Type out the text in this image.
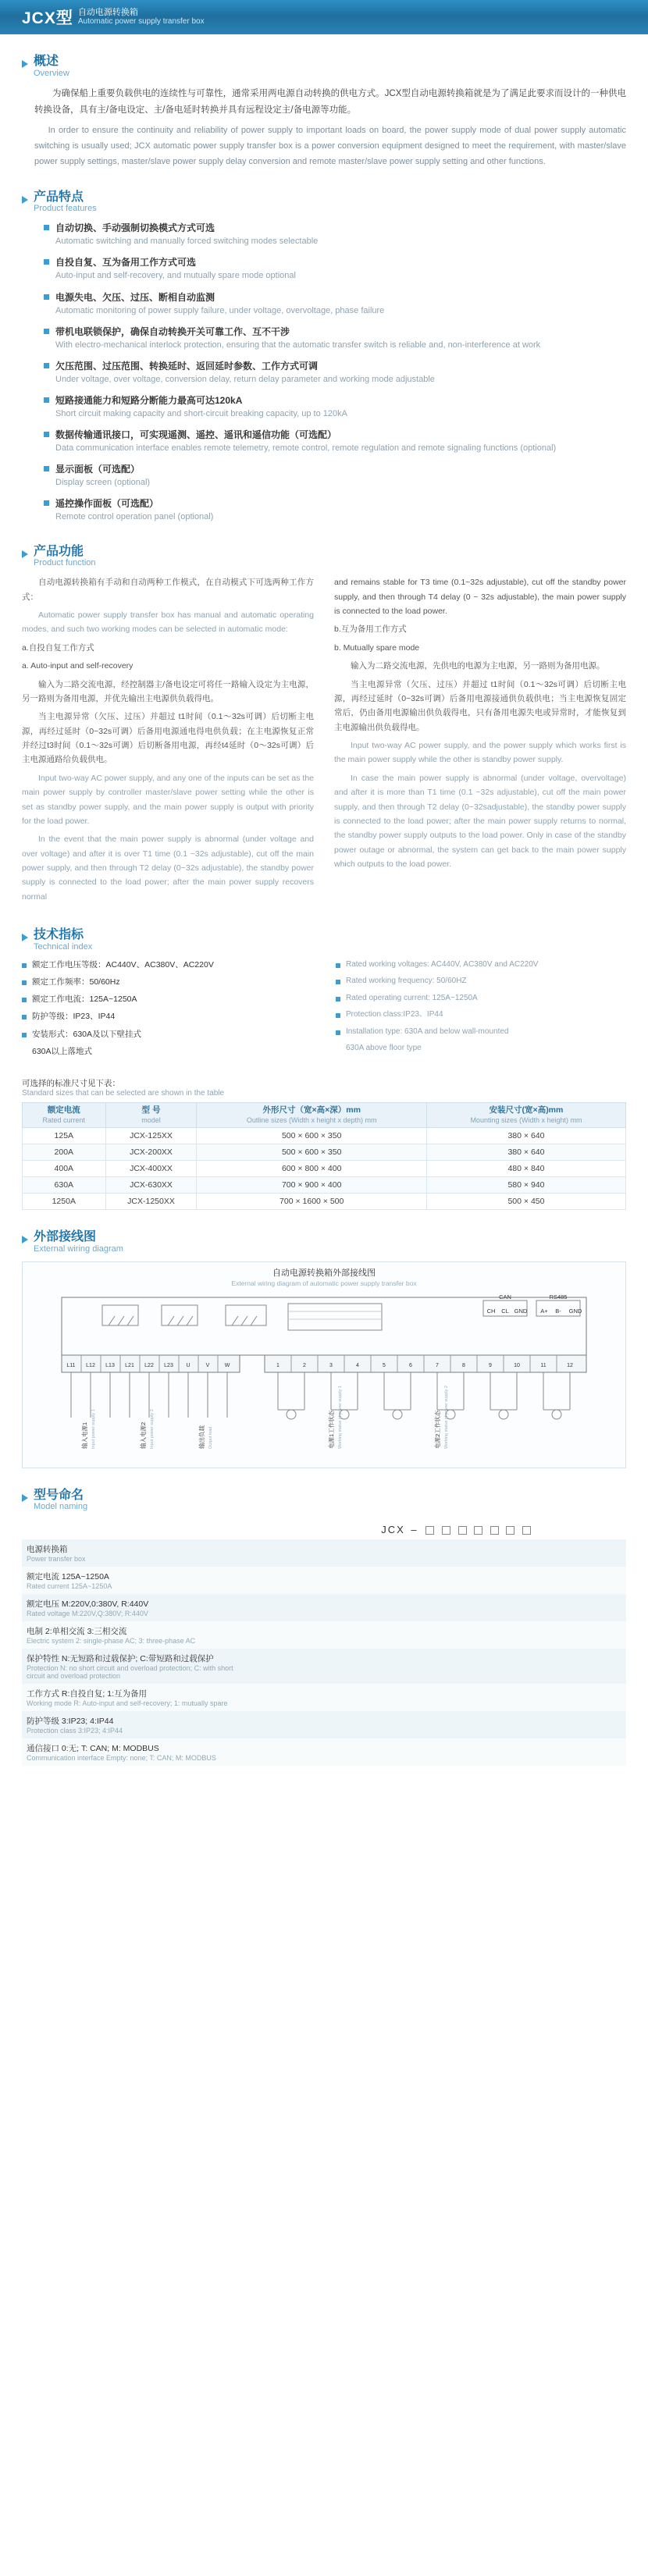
JCX型 自动电源转换箱
Automatic power supply transfer box
概述
Overview

为确保船上重要负载供电的连续性与可靠性，通常采用两电源自动转换的供电方式。JCX型自动电源转换箱就是为了满足此要求而设计的一种供电转换设备，具有主/备电设定、主/备电延时转换并具有远程设定主/备电源等功能。

In order to ensure the continuity and reliability of power supply to important loads on board, the power supply mode of dual power supply automatic switching is usually used; JCX automatic power supply transfer box is a power conversion equipment designed to meet the requirement, with master/slave power supply settings, master/slave power supply delay conversion and remote master/slave power supply setting and other functions.

产品特点
Product features
自动切换、手动强制切换模式方式可选
Automatic switching and manually forced switching modes selectable
自投自复、互为备用工作方式可选
Auto-input and self-recovery, and mutually spare mode optional
电源失电、欠压、过压、断相自动监测
Automatic monitoring of power supply failure, under voltage, overvoltage, phase failure
带机电联锁保护，确保自动转换开关可靠工作、互不干涉
With electro-mechanical interlock protection, ensuring that the automatic transfer switch is reliable and, non-interference at work
欠压范围、过压范围、转换延时、返回延时参数、工作方式可调
Under voltage, over voltage, conversion delay, return delay parameter and working mode adjustable
短路接通能力和短路分断能力最高可达120kA
Short circuit making capacity and short-circuit breaking capacity, up to 120kA
数据传输通讯接口，可实现遥测、遥控、遥讯和遥信功能（可选配）
Data communication interface enables remote telemetry, remote control, remote regulation and remote signaling functions (optional)
显示面板（可选配）
Display screen (optional)
遥控操作面板（可选配）
Remote control operation panel (optional)
产品功能
Product function

自动电源转换箱有手动和自动两种工作模式，在自动模式下可选两种工作方式：

Automatic power supply transfer box has manual and automatic operating modes, and such two working modes can be selected in automatic mode:

a.自投自复工作方式

a. Auto-input and self-recovery

输入为二路交流电源，经控制器主/备电设定可将任一路输入设定为主电源，另一路则为备用电源，并优先输出主电源供负载得电。

当主电源异常（欠压、过压）并超过 t1时间（0.1～32s可调）后切断主电源，再经过延时（0~32s可调）后备用电源通电得电供负载；在主电源恢复正常并经过t3时间（0.1～32s可调）后切断备用电源，再经t4延时（0～32s可调）后主电源通路给负载供电。

Input two-way AC power supply, and any one of the inputs can be set as the main power supply by controller master/slave power setting while the other is set as standby power supply, and the main power supply is output with priority for the load power.

In the event that the main power supply is abnormal (under voltage and over voltage) and after it is over T1 time (0.1 ~32s adjustable), cut off the main power supply, and then through T2 delay (0~32s adjustable), the standby power supply is connected to the load power; after the main power supply recovers normal

and remains stable for T3 time (0.1~32s adjustable), cut off the standby power supply, and then through T4 delay (0 ~ 32s adjustable), the main power supply is connected to the load power.

b.互为备用工作方式

b. Mutually spare mode

输入为二路交流电源，先供电的电源为主电源，另一路则为备用电源。

当主电源异常（欠压、过压）并超过 t1时间（0.1～32s可调）后切断主电源，再经过延时（0~32s可调）后备用电源接通供负载供电；当主电源恢复固定常后，仍由备用电源输出供负载得电，只有备用电源失电或异常时，才能恢复到主电源输出供负载得电。

Input two-way AC power supply, and the power supply which works first is the main power supply while the other is standby power supply.

In case the main power supply is abnormal (under voltage, overvoltage) and after it is more than T1 time (0.1 ~32s adjustable), cut off the main power supply, and then through T2 delay (0~32sadjustable), the standby power supply is connected to the load power; after the main power supply returns to normal, the standby power supply outputs to the load power. Only in case of the standby power outage or abnormal, the system can get back to the main power supply which outputs to the load power.

技术指标
Technical index
额定工作电压等级：AC440V、AC380V、AC220V
额定工作频率：50/60Hz
额定工作电流：125A~1250A
防护等级：IP23、IP44
安装形式：630A及以下壁挂式
630A以上落地式
Rated working voltages: AC440V, AC380V and AC220V
Rated working frequency: 50/60HZ
Rated operating current: 125A~1250A
Protection class:IP23、IP44
Installation type: 630A and below wall-mounted
630A above floor type
可选择的标准尺寸见下表：
Standard sizes that can be selected are shown in the table
额定电流
Rated current	型 号
model	外形尺寸（宽×高×深）mm
Outline sizes (Width x height x depth) mm	安装尺寸(宽×高)mm
Mounting sizes (Width x height) mm

125A	JCX-125XX	500 × 600 × 350	380 × 640
200A	JCX-200XX	500 × 600 × 350	380 × 640
400A	JCX-400XX	600 × 800 × 400	480 × 840
630A	JCX-630XX	700 × 900 × 400	580 × 940
1250A	JCX-1250XX	700 × 1600 × 500	500 × 450
外部接线图
External wiring diagram
自动电源转换箱外部接线图
External wiring diagram of automatic power supply transfer box
L11 L12 L13 L21 L22 L23 U	V	W	1	2	3	4	5	6	7	8	9	10	11	12
CAN	RS485
CH CL GND A+ B- GND
输入电源1 Input power supply 1	输入电源2 Input power supply 2	输出负载 Output load	电源1工作状态 Working status of power supply 1	电源2工作状态 Working status of power supply 2
型号命名
Model naming
JCX –
电源转换箱
Power transfer box	

额定电流 125A~1250A
Rated current 125A~1250A	

额定电压 M:220V,0:380V, R:440V
Rated voltage M:220V,Q:380V; R:440V	

电制 2:单相交流 3:三相交流
Electric system 2: single-phase AC; 3: three-phase AC	

保护特性 N:无短路和过载保护; C:带短路和过载保护
Protection N: no short circuit and overload protection; C: with short circuit and overload protection	

工作方式 R:自投自复; 1:互为备用
Working mode R: Auto-input and self-recovery; 1: mutually spare	

防护等级 3:IP23; 4:IP44
Protection class 3:IP23; 4:IP44	

通信接口 0:无; T: CAN; M: MODBUS
Communication interface Empty: none; T: CAN; M: MODBUS	
